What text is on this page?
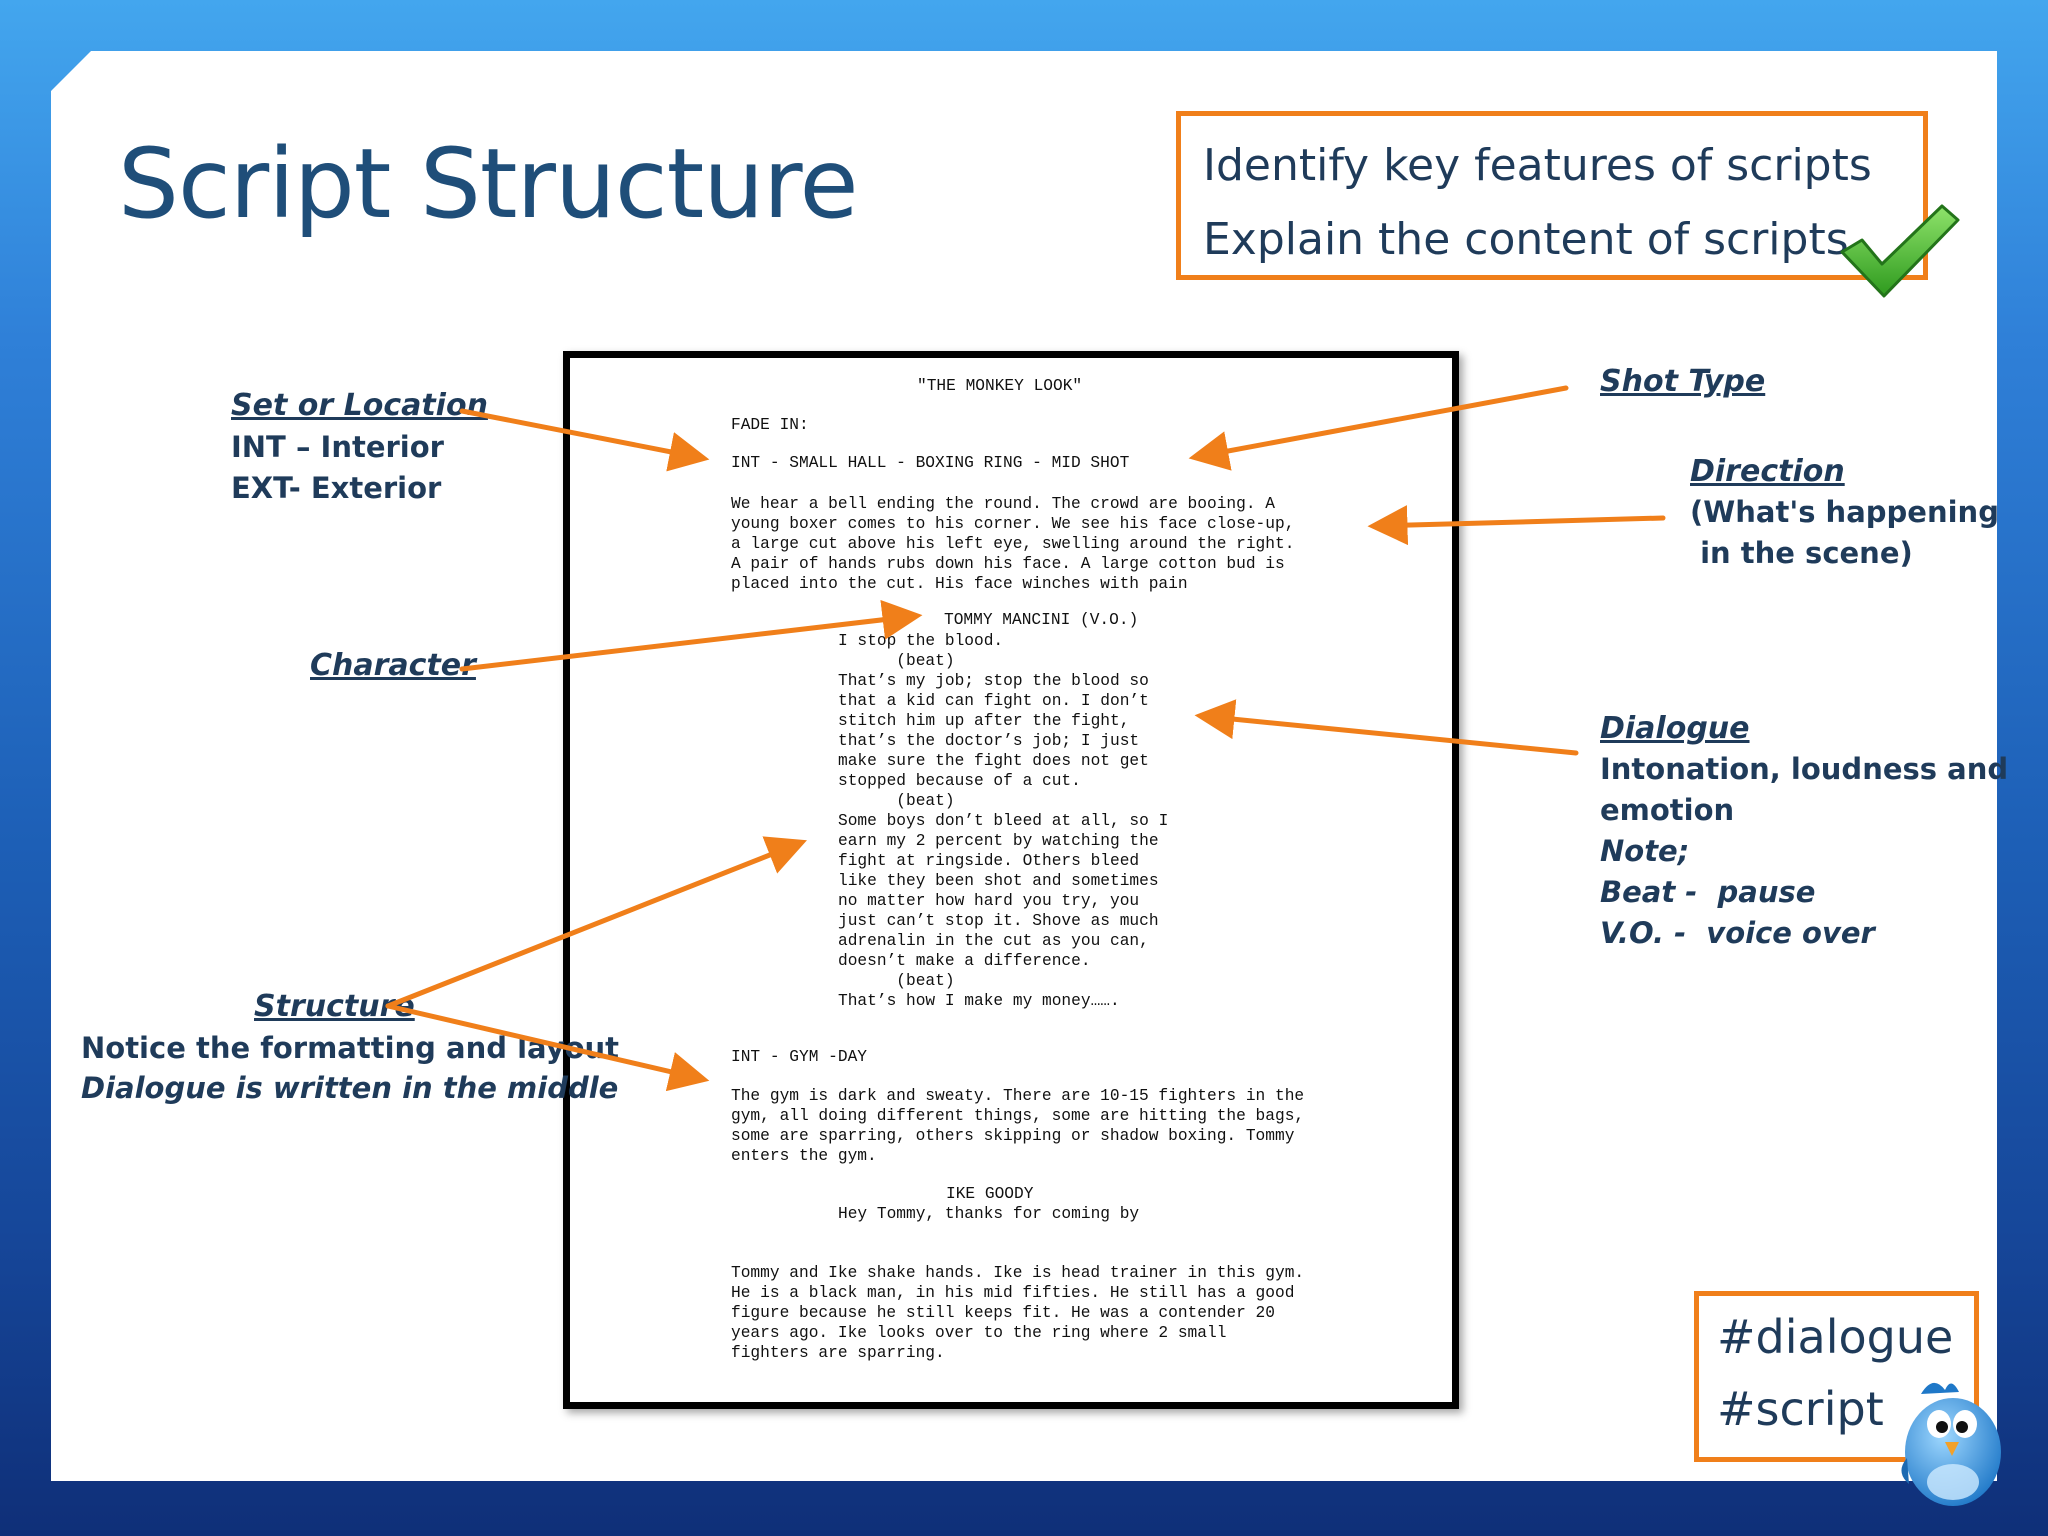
Script Structure	Identify key features of scripts
Explain the content of scripts
"THE MONKEY LOOK"
FADE IN:
INT - SMALL HALL - BOXING RING - MID SHOT
We hear a bell ending the round. The crowd are booing. A
young boxer comes to his corner. We see his face close-up,
a large cut above his left eye, swelling around the right.
A pair of hands rubs down his face. A large cotton bud is
placed into the cut. His face winches with pain
TOMMY MANCINI (V.O.)
I stop the blood.
(beat)
That’s my job; stop the blood so
that a kid can fight on. I don’t
stitch him up after the fight,
that’s the doctor’s job; I just
make sure the fight does not get
stopped because of a cut.
(beat)
Some boys don’t bleed at all, so I
earn my 2 percent by watching the
fight at ringside. Others bleed
like they been shot and sometimes
no matter how hard you try, you
just can’t stop it. Shove as much
adrenalin in the cut as you can,
doesn’t make a difference.
(beat)
That’s how I make my money…….
INT - GYM -DAY
The gym is dark and sweaty. There are 10-15 fighters in the
gym, all doing different things, some are hitting the bags,
some are sparring, others skipping or shadow boxing. Tommy
enters the gym.
IKE GOODY
Hey Tommy, thanks for coming by
Tommy and Ike shake hands. Ike is head trainer in this gym.
He is a black man, in his mid fifties. He still has a good
figure because he still keeps fit. He was a contender 20
years ago. Ike looks over to the ring where 2 small
fighters are sparring.
Set or Location
INT – Interior
EXT- Exterior
Character
Structure
Notice the formatting and layout
Dialogue is written in the middle
Shot Type
Direction
(What's happening
in the scene)
Dialogue
Intonation, loudness and
emotion
Note;
Beat -  pause
V.O. -  voice over
#dialogue
#script
